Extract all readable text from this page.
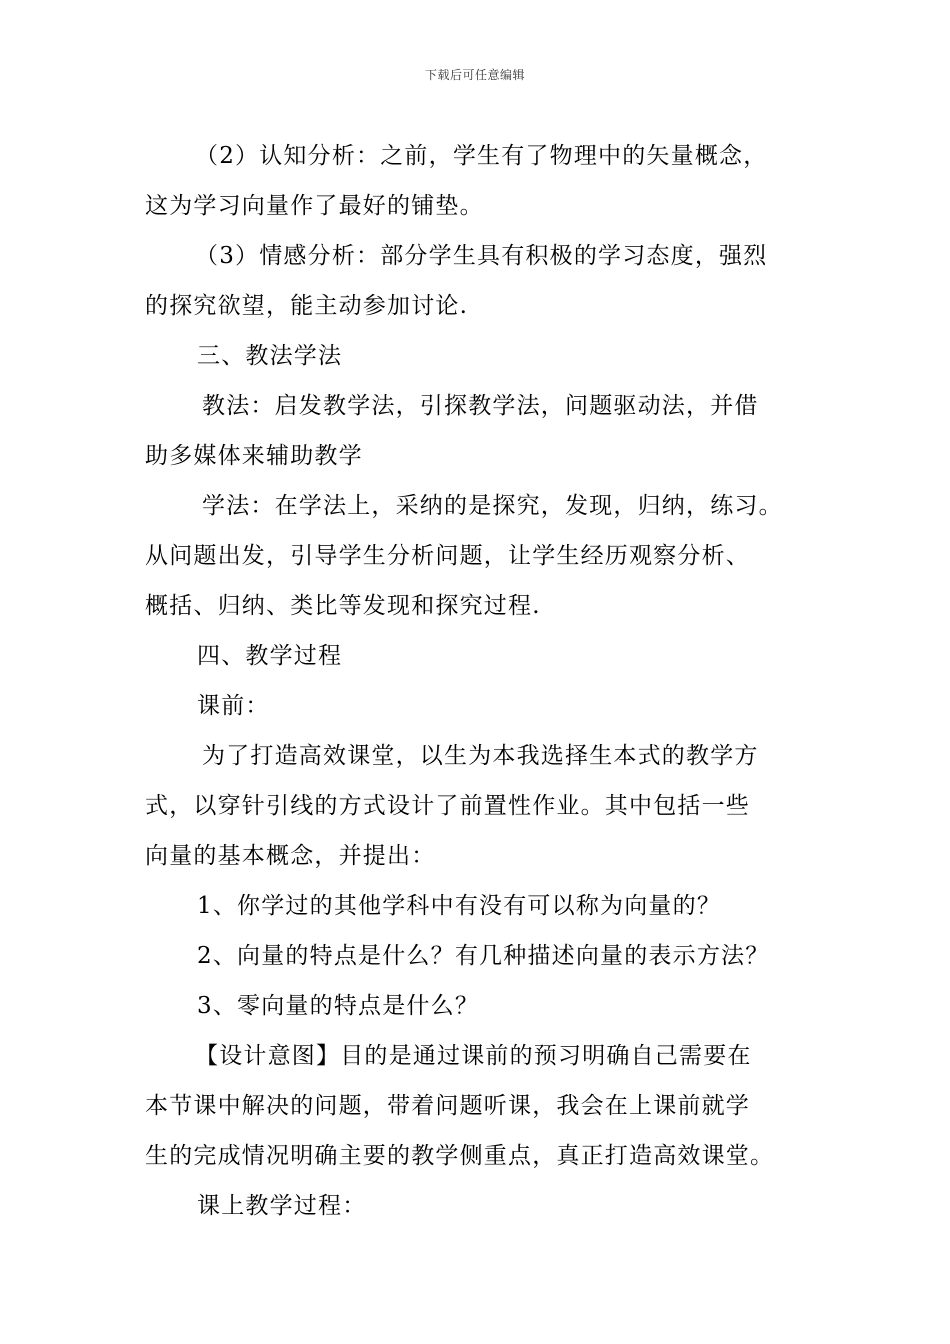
下载后可任意编辑
（2）认知分析：之前，学生有了物理中的矢量概念，
这为学习向量作了最好的铺垫。
（3）情感分析：部分学生具有积极的学习态度，强烈
的探究欲望，能主动参加讨论.
三、教法学法
教法：启发教学法，引探教学法，问题驱动法，并借
助多媒体来辅助教学
学法：在学法上，采纳的是探究，发现，归纳，练习。
从问题出发，引导学生分析问题，让学生经历观察分析、
概括、归纳、类比等发现和探究过程.
四、教学过程
课前：
为了打造高效课堂，以生为本我选择生本式的教学方
式，以穿针引线的方式设计了前置性作业。其中包括一些
向量的基本概念，并提出：
1、你学过的其他学科中有没有可以称为向量的？
2、向量的特点是什么？有几种描述向量的表示方法？
3、零向量的特点是什么？
【设计意图】目的是通过课前的预习明确自己需要在
本节课中解决的问题，带着问题听课，我会在上课前就学
生的完成情况明确主要的教学侧重点，真正打造高效课堂。
课上教学过程：
